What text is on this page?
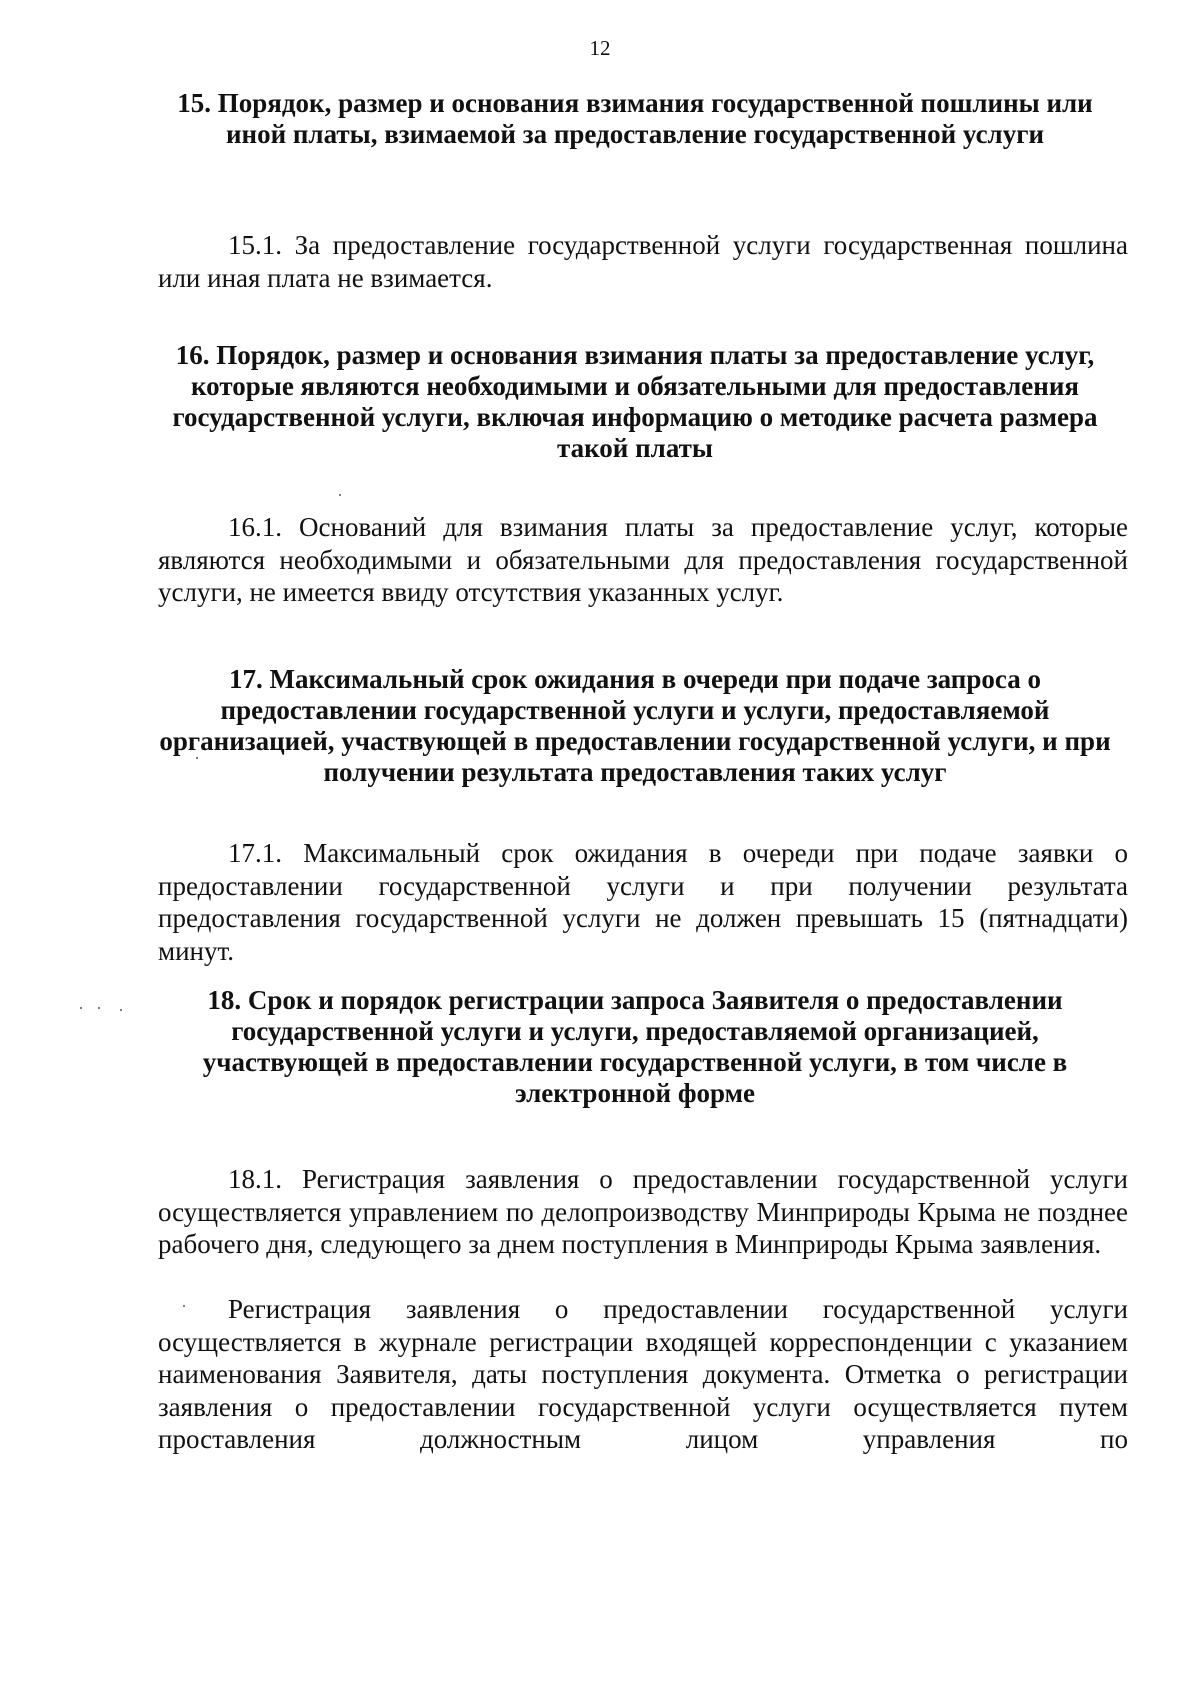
12

15. Порядок, размер и основания взимания государственной пошлины или иной платы, взимаемой за предоставление государственной услуги

15.1. За предоставление государственной услуги государственная пошлина или иная плата не взимается.

16. Порядок, размер и основания взимания платы за предоставление услуг, которые являются необходимыми и обязательными для предоставления государственной услуги, включая информацию о методике расчета размера такой платы

16.1. Оснований для взимания платы за предоставление услуг, которые являются необходимыми и обязательными для предоставления государственной услуги, не имеется ввиду отсутствия указанных услуг.

17. Максимальный срок ожидания в очереди при подаче запроса о предоставлении государственной услуги и услуги, предоставляемой организацией, участвующей в предоставлении государственной услуги, и при получении результата предоставления таких услуг

17.1. Максимальный срок ожидания в очереди при подаче заявки о предоставлении государственной услуги и при получении результата предоставления государственной услуги не должен превышать 15 (пятнадцати) минут.

18. Срок и порядок регистрации запроса Заявителя о предоставлении государственной услуги и услуги, предоставляемой организацией, участвующей в предоставлении государственной услуги, в том числе в электронной форме

18.1. Регистрация заявления о предоставлении государственной услуги осуществляется управлением по делопроизводству Минприроды Крыма не позднее рабочего дня, следующего за днем поступления в Минприроды Крыма заявления.

Регистрация заявления о предоставлении государственной услуги осуществляется в журнале регистрации входящей корреспонденции с указанием наименования Заявителя, даты поступления документа. Отметка о регистрации заявления о предоставлении государственной услуги осуществляется путем проставления должностным лицом управления по
